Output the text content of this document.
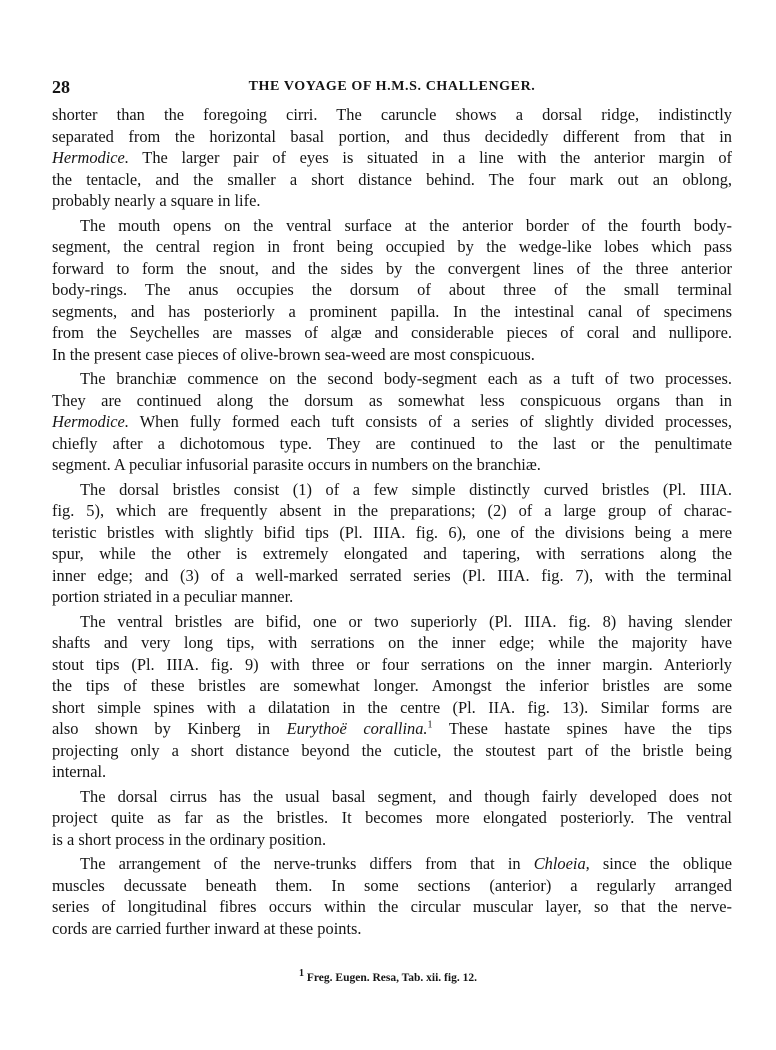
28	THE VOYAGE OF H.M.S. CHALLENGER.
shorter than the foregoing cirri. The caruncle shows a dorsal ridge, indistinctly
separated from the horizontal basal portion, and thus decidedly different from that in
Hermodice. The larger pair of eyes is situated in a line with the anterior margin of
the tentacle, and the smaller a short distance behind. The four mark out an oblong,
probably nearly a square in life.
The mouth opens on the ventral surface at the anterior border of the fourth body-
segment, the central region in front being occupied by the wedge-like lobes which pass
forward to form the snout, and the sides by the convergent lines of the three anterior
body-rings. The anus occupies the dorsum of about three of the small terminal
segments, and has posteriorly a prominent papilla. In the intestinal canal of specimens
from the Seychelles are masses of algæ and considerable pieces of coral and nullipore.
In the present case pieces of olive-brown sea-weed are most conspicuous.
The branchiæ commence on the second body-segment each as a tuft of two processes.
They are continued along the dorsum as somewhat less conspicuous organs than in
Hermodice. When fully formed each tuft consists of a series of slightly divided processes,
chiefly after a dichotomous type. They are continued to the last or the penultimate
segment. A peculiar infusorial parasite occurs in numbers on the branchiæ.
The dorsal bristles consist (1) of a few simple distinctly curved bristles (Pl. IIIA.
fig. 5), which are frequently absent in the preparations; (2) of a large group of charac-
teristic bristles with slightly bifid tips (Pl. IIIA. fig. 6), one of the divisions being a mere
spur, while the other is extremely elongated and tapering, with serrations along the
inner edge; and (3) of a well-marked serrated series (Pl. IIIA. fig. 7), with the terminal
portion striated in a peculiar manner.
The ventral bristles are bifid, one or two superiorly (Pl. IIIA. fig. 8) having slender
shafts and very long tips, with serrations on the inner edge; while the majority have
stout tips (Pl. IIIA. fig. 9) with three or four serrations on the inner margin. Anteriorly
the tips of these bristles are somewhat longer. Amongst the inferior bristles are some
short simple spines with a dilatation in the centre (Pl. IIA. fig. 13). Similar forms are
also shown by Kinberg in Eurythoë corallina.$^1$ These hastate spines have the tips
projecting only a short distance beyond the cuticle, the stoutest part of the bristle being
internal.
The dorsal cirrus has the usual basal segment, and though fairly developed does not
project quite as far as the bristles. It becomes more elongated posteriorly. The ventral
is a short process in the ordinary position.
The arrangement of the nerve-trunks differs from that in Chloeia, since the oblique
muscles decussate beneath them. In some sections (anterior) a regularly arranged
series of longitudinal fibres occurs within the circular muscular layer, so that the nerve-
cords are carried further inward at these points.
$^1$ Freg. Eugen. Resa, Tab. xii. fig. 12.
